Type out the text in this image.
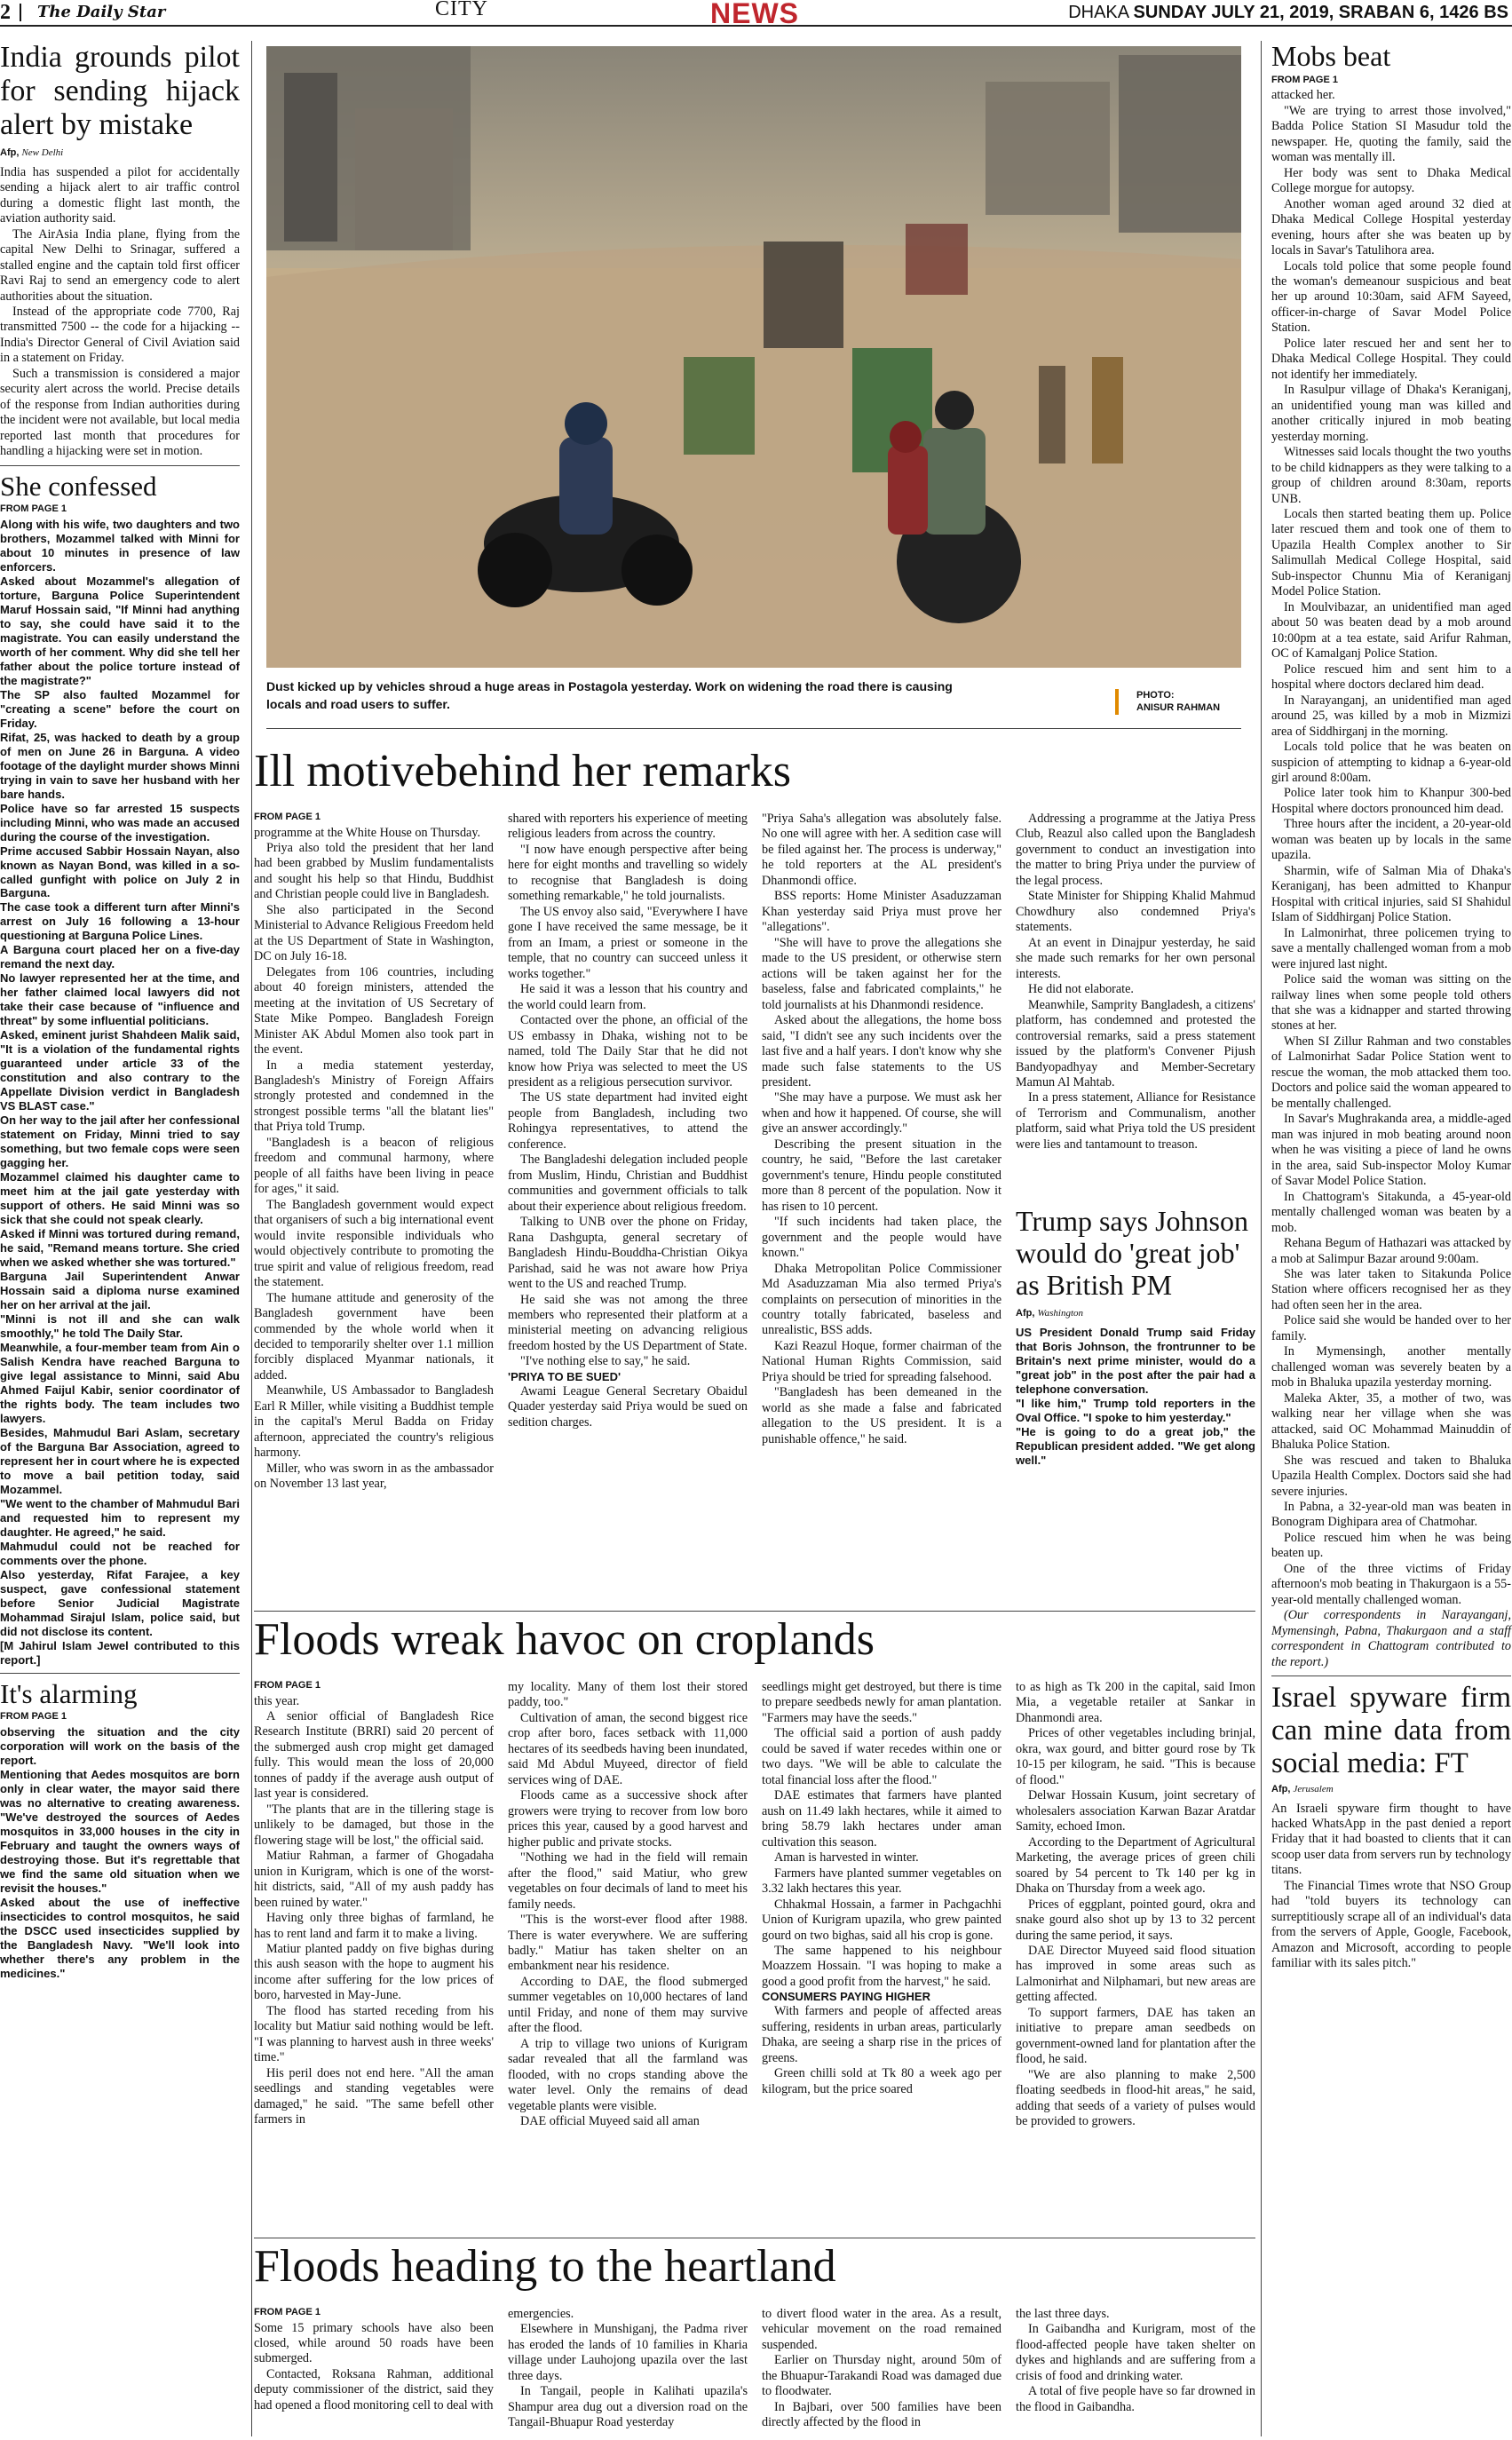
2 The Daily Star	CITY	NEWS	DHAKA SUNDAY JULY 21, 2019, SRABAN 6, 1426 BS
India grounds pilot for sending hijack alert by mistake
Afp, New Delhi

India has suspended a pilot for accidentally sending a hijack alert to air traffic control during a domestic flight last month, the aviation authority said.

The AirAsia India plane, flying from the capital New Delhi to Srinagar, suffered a stalled engine and the captain told first officer Ravi Raj to send an emergency code to alert authorities about the situation.

Instead of the appropriate code 7700, Raj transmitted 7500 -- the code for a hijacking -- India's Director General of Civil Aviation said in a statement on Friday.

Such a transmission is considered a major security alert across the world. Precise details of the response from Indian authorities during the incident were not available, but local media reported last month that procedures for handling a hijacking were set in motion.

She confessed
FROM PAGE 1

Along with his wife, two daughters and two brothers, Mozammel talked with Minni for about 10 minutes in presence of law enforcers.

Asked about Mozammel's allegation of torture, Barguna Police Superintendent Maruf Hossain said, "If Minni had anything to say, she could have said it to the magistrate. You can easily understand the worth of her comment. Why did she tell her father about the police torture instead of the magistrate?"

The SP also faulted Mozammel for "creating a scene" before the court on Friday.

Rifat, 25, was hacked to death by a group of men on June 26 in Barguna. A video footage of the daylight murder shows Minni trying in vain to save her husband with her bare hands.

Police have so far arrested 15 suspects including Minni, who was made an accused during the course of the investigation.

Prime accused Sabbir Hossain Nayan, also known as Nayan Bond, was killed in a so-called gunfight with police on July 2 in Barguna.

The case took a different turn after Minni's arrest on July 16 following a 13-hour questioning at Barguna Police Lines.

A Barguna court placed her on a five-day remand the next day.

No lawyer represented her at the time, and her father claimed local lawyers did not take their case because of "influence and threat" by some influential politicians.

Asked, eminent jurist Shahdeen Malik said, "It is a violation of the fundamental rights guaranteed under article 33 of the constitution and also contrary to the Appellate Division verdict in Bangladesh VS BLAST case."

On her way to the jail after her confessional statement on Friday, Minni tried to say something, but two female cops were seen gagging her.

Mozammel claimed his daughter came to meet him at the jail gate yesterday with support of others. He said Minni was so sick that she could not speak clearly.

Asked if Minni was tortured during remand, he said, "Remand means torture. She cried when we asked whether she was tortured."

Barguna Jail Superintendent Anwar Hossain said a diploma nurse examined her on her arrival at the jail.

"Minni is not ill and she can walk smoothly," he told The Daily Star.

Meanwhile, a four-member team from Ain o Salish Kendra have reached Barguna to give legal assistance to Minni, said Abu Ahmed Faijul Kabir, senior coordinator of the rights body. The team includes two lawyers.

Besides, Mahmudul Bari Aslam, secretary of the Barguna Bar Association, agreed to represent her in court where he is expected to move a bail petition today, said Mozammel.

"We went to the chamber of Mahmudul Bari and requested him to represent my daughter. He agreed," he said.

Mahmudul could not be reached for comments over the phone.

Also yesterday, Rifat Farajee, a key suspect, gave confessional statement before Senior Judicial Magistrate Mohammad Sirajul Islam, police said, but did not disclose its content.

[M Jahirul Islam Jewel contributed to this report.]

It's alarming
FROM PAGE 1

observing the situation and the city corporation will work on the basis of the report.

Mentioning that Aedes mosquitos are born only in clear water, the mayor said there was no alternative to creating awareness. "We've destroyed the sources of Aedes mosquitos in 33,000 houses in the city in February and taught the owners ways of destroying those. But it's regrettable that we find the same old situation when we revisit the houses."

Asked about the use of ineffective insecticides to control mosquitos, he said the DSCC used insecticides supplied by the Bangladesh Navy. "We'll look into whether there's any problem in the medicines."

Dust kicked up by vehicles shroud a huge areas in Postagola yesterday. Work on widening the road there is causing locals and road users to suffer.
PHOTO:
ANISUR RAHMAN
Ill motivebehind her remarks
FROM PAGE 1

programme at the White House on Thursday.

Priya also told the president that her land had been grabbed by Muslim fundamentalists and sought his help so that Hindu, Buddhist and Christian people could live in Bangladesh.

She also participated in the Second Ministerial to Advance Religious Freedom held at the US Department of State in Washington, DC on July 16-18.

Delegates from 106 countries, including about 40 foreign ministers, attended the meeting at the invitation of US Secretary of State Mike Pompeo. Bangladesh Foreign Minister AK Abdul Momen also took part in the event.

In a media statement yesterday, Bangladesh's Ministry of Foreign Affairs strongly protested and condemned in the strongest possible terms "all the blatant lies" that Priya told Trump.

"Bangladesh is a beacon of religious freedom and communal harmony, where people of all faiths have been living in peace for ages," it said.

The Bangladesh government would expect that organisers of such a big international event would invite responsible individuals who would objectively contribute to promoting the true spirit and value of religious freedom, read the statement.

The humane attitude and generosity of the Bangladesh government have been commended by the whole world when it decided to temporarily shelter over 1.1 million forcibly displaced Myanmar nationals, it added.

Meanwhile, US Ambassador to Bangladesh Earl R Miller, while visiting a Buddhist temple in the capital's Merul Badda on Friday afternoon, appreciated the country's religious harmony.

Miller, who was sworn in as the ambassador on November 13 last year,

shared with reporters his experience of meeting religious leaders from across the country.

"I now have enough perspective after being here for eight months and travelling so widely to recognise that Bangladesh is doing something remarkable," he told journalists.

The US envoy also said, "Everywhere I have gone I have received the same message, be it from an Imam, a priest or someone in the temple, that no country can succeed unless it works together."

He said it was a lesson that his country and the world could learn from.

Contacted over the phone, an official of the US embassy in Dhaka, wishing not to be named, told The Daily Star that he did not know how Priya was selected to meet the US president as a religious persecution survivor.

The US state department had invited eight people from Bangladesh, including two Rohingya representatives, to attend the conference.

The Bangladeshi delegation included people from Muslim, Hindu, Christian and Buddhist communities and government officials to talk about their experience about religious freedom.

Talking to UNB over the phone on Friday, Rana Dashgupta, general secretary of Bangladesh Hindu-Bouddha-Christian Oikya Parishad, said he was not aware how Priya went to the US and reached Trump.

He said she was not among the three members who represented their platform at a ministerial meeting on advancing religious freedom hosted by the US Department of State.

"I've nothing else to say," he said.

'PRIYA TO BE SUED'

Awami League General Secretary Obaidul Quader yesterday said Priya would be sued on sedition charges.

"Priya Saha's allegation was absolutely false. No one will agree with her. A sedition case will be filed against her. The process is underway," he told reporters at the AL president's Dhanmondi office.

BSS reports: Home Minister Asaduzzaman Khan yesterday said Priya must prove her "allegations".

"She will have to prove the allegations she made to the US president, or otherwise stern actions will be taken against her for the baseless, false and fabricated complaints," he told journalists at his Dhanmondi residence.

Asked about the allegations, the home boss said, "I didn't see any such incidents over the last five and a half years. I don't know why she made such false statements to the US president.

"She may have a purpose. We must ask her when and how it happened. Of course, she will give an answer accordingly."

Describing the present situation in the country, he said, "Before the last caretaker government's tenure, Hindu people constituted more than 8 percent of the population. Now it has risen to 10 percent.

"If such incidents had taken place, the government and the people would have known."

Dhaka Metropolitan Police Commissioner Md Asaduzzaman Mia also termed Priya's complaints on persecution of minorities in the country totally fabricated, baseless and unrealistic, BSS adds.

Kazi Reazul Hoque, former chairman of the National Human Rights Commission, said Priya should be tried for spreading falsehood.

"Bangladesh has been demeaned in the world as she made a false and fabricated allegation to the US president. It is a punishable offence," he said.

Addressing a programme at the Jatiya Press Club, Reazul also called upon the Bangladesh government to conduct an investigation into the matter to bring Priya under the purview of the legal process.

State Minister for Shipping Khalid Mahmud Chowdhury also condemned Priya's statements.

At an event in Dinajpur yesterday, he said she made such remarks for her own personal interests.

He did not elaborate.

Meanwhile, Samprity Bangladesh, a citizens' platform, has condemned and protested the controversial remarks, said a press statement issued by the platform's Convener Pijush Bandyopadhyay and Member-Secretary Mamun Al Mahtab.

In a press statement, Alliance for Resistance of Terrorism and Communalism, another platform, said what Priya told the US president were lies and tantamount to treason.

Trump says Johnson would do 'great job' as British PM
Afp, Washington

US President Donald Trump said Friday that Boris Johnson, the frontrunner to be Britain's next prime minister, would do a "great job" in the post after the pair had a telephone conversation.

"I like him," Trump told reporters in the Oval Office. "I spoke to him yesterday."

"He is going to do a great job," the Republican president added. "We get along well."

Floods wreak havoc on croplands
FROM PAGE 1

this year.

A senior official of Bangladesh Rice Research Institute (BRRI) said 20 percent of the submerged aush crop might get damaged fully. This would mean the loss of 20,000 tonnes of paddy if the average aush output of last year is considered.

"The plants that are in the tillering stage is unlikely to be damaged, but those in the flowering stage will be lost," the official said.

Matiur Rahman, a farmer of Ghogadaha union in Kurigram, which is one of the worst-hit districts, said, "All of my aush paddy has been ruined by water."

Having only three bighas of farmland, he has to rent land and farm it to make a living.

Matiur planted paddy on five bighas during this aush season with the hope to augment his income after suffering for the low prices of boro, harvested in May-June.

The flood has started receding from his locality but Matiur said nothing would be left. "I was planning to harvest aush in three weeks' time."

His peril does not end here. "All the aman seedlings and standing vegetables were damaged," he said. "The same befell other farmers in

my locality. Many of them lost their stored paddy, too."

Cultivation of aman, the second biggest rice crop after boro, faces setback with 11,000 hectares of its seedbeds having been inundated, said Md Abdul Muyeed, director of field services wing of DAE.

Floods came as a successive shock after growers were trying to recover from low boro prices this year, caused by a good harvest and higher public and private stocks.

"Nothing we had in the field will remain after the flood," said Matiur, who grew vegetables on four decimals of land to meet his family needs.

"This is the worst-ever flood after 1988. There is water everywhere. We are suffering badly." Matiur has taken shelter on an embankment near his residence.

According to DAE, the flood submerged summer vegetables on 10,000 hectares of land until Friday, and none of them may survive after the flood.

A trip to village two unions of Kurigram sadar revealed that all the farmland was flooded, with no crops standing above the water level. Only the remains of dead vegetable plants were visible.

DAE official Muyeed said all aman

seedlings might get destroyed, but there is time to prepare seedbeds newly for aman plantation. "Farmers may have the seeds."

The official said a portion of aush paddy could be saved if water recedes within one or two days. "We will be able to calculate the total financial loss after the flood."

DAE estimates that farmers have planted aush on 11.49 lakh hectares, while it aimed to bring 58.79 lakh hectares under aman cultivation this season.

Aman is harvested in winter.

Farmers have planted summer vegetables on 3.32 lakh hectares this year.

Chhakmal Hossain, a farmer in Pachgachhi Union of Kurigram upazila, who grew painted gourd on two bighas, said all his crop is gone.

The same happened to his neighbour Moazzem Hossain. "I was hoping to make a good a good profit from the harvest," he said.

CONSUMERS PAYING HIGHER

With farmers and people of affected areas suffering, residents in urban areas, particularly Dhaka, are seeing a sharp rise in the prices of greens.

Green chilli sold at Tk 80 a week ago per kilogram, but the price soared

to as high as Tk 200 in the capital, said Imon Mia, a vegetable retailer at Sankar in Dhanmondi area.

Prices of other vegetables including brinjal, okra, wax gourd, and bitter gourd rose by Tk 10-15 per kilogram, he said. "This is because of flood."

Delwar Hossain Kusum, joint secretary of wholesalers association Karwan Bazar Aratdar Samity, echoed Imon.

According to the Department of Agricultural Marketing, the average prices of green chili soared by 54 percent to Tk 140 per kg in Dhaka on Thursday from a week ago.

Prices of eggplant, pointed gourd, okra and snake gourd also shot up by 13 to 32 percent during the same period, it says.

DAE Director Muyeed said flood situation has improved in some areas such as Lalmonirhat and Nilphamari, but new areas are getting affected.

To support farmers, DAE has taken an initiative to prepare aman seedbeds on government-owned land for plantation after the flood, he said.

"We are also planning to make 2,500 floating seedbeds in flood-hit areas," he said, adding that seeds of a variety of pulses would be provided to growers.

Floods heading to the heartland
FROM PAGE 1

Some 15 primary schools have also been closed, while around 50 roads have been submerged.

Contacted, Roksana Rahman, additional deputy commissioner of the district, said they had opened a flood monitoring cell to deal with

emergencies.

Elsewhere in Munshiganj, the Padma river has eroded the lands of 10 families in Kharia village under Lauhojong upazila over the last three days.

In Tangail, people in Kalihati upazila's Shampur area dug out a diversion road on the Tangail-Bhuapur Road yesterday

to divert flood water in the area. As a result, vehicular movement on the road remained suspended.

Earlier on Thursday night, around 50m of the Bhuapur-Tarakandi Road was damaged due to floodwater.

In Bajbari, over 500 families have been directly affected by the flood in

the last three days.

In Gaibandha and Kurigram, most of the flood-affected people have taken shelter on dykes and highlands and are suffering from a crisis of food and drinking water.

A total of five people have so far drowned in the flood in Gaibandha.

Mobs beat
FROM PAGE 1

attacked her.

"We are trying to arrest those involved," Badda Police Station SI Masudur told the newspaper. He, quoting the family, said the woman was mentally ill.

Her body was sent to Dhaka Medical College morgue for autopsy.

Another woman aged around 32 died at Dhaka Medical College Hospital yesterday evening, hours after she was beaten up by locals in Savar's Tatulihora area.

Locals told police that some people found the woman's demeanour suspicious and beat her up around 10:30am, said AFM Sayeed, officer-in-charge of Savar Model Police Station.

Police later rescued her and sent her to Dhaka Medical College Hospital. They could not identify her immediately.

In Rasulpur village of Dhaka's Keraniganj, an unidentified young man was killed and another critically injured in mob beating yesterday morning.

Witnesses said locals thought the two youths to be child kidnappers as they were talking to a group of children around 8:30am, reports UNB.

Locals then started beating them up. Police later rescued them and took one of them to Upazila Health Complex another to Sir Salimullah Medical College Hospital, said Sub-inspector Chunnu Mia of Keraniganj Model Police Station.

In Moulvibazar, an unidentified man aged about 50 was beaten dead by a mob around 10:00pm at a tea estate, said Arifur Rahman, OC of Kamalganj Police Station.

Police rescued him and sent him to a hospital where doctors declared him dead.

In Narayanganj, an unidentified man aged around 25, was killed by a mob in Mizmizi area of Siddhirganj in the morning.

Locals told police that he was beaten on suspicion of attempting to kidnap a 6-year-old girl around 8:00am.

Police later took him to Khanpur 300-bed Hospital where doctors pronounced him dead.

Three hours after the incident, a 20-year-old woman was beaten up by locals in the same upazila.

Sharmin, wife of Salman Mia of Dhaka's Keraniganj, has been admitted to Khanpur Hospital with critical injuries, said SI Shahidul Islam of Siddhirganj Police Station.

In Lalmonirhat, three policemen trying to save a mentally challenged woman from a mob were injured last night.

Police said the woman was sitting on the railway lines when some people told others that she was a kidnapper and started throwing stones at her.

When SI Zillur Rahman and two constables of Lalmonirhat Sadar Police Station went to rescue the woman, the mob attacked them too. Doctors and police said the woman appeared to be mentally challenged.

In Savar's Mughrakanda area, a middle-aged man was injured in mob beating around noon when he was visiting a piece of land he owns in the area, said Sub-inspector Moloy Kumar of Savar Model Police Station.

In Chattogram's Sitakunda, a 45-year-old mentally challenged woman was beaten by a mob.

Rehana Begum of Hathazari was attacked by a mob at Salimpur Bazar around 9:00am.

She was later taken to Sitakunda Police Station where officers recognised her as they had often seen her in the area.

Police said she would be handed over to her family.

In Mymensingh, another mentally challenged woman was severely beaten by a mob in Bhaluka upazila yesterday morning.

Maleka Akter, 35, a mother of two, was walking near her village when she was attacked, said OC Mohammad Mainuddin of Bhaluka Police Station.

She was rescued and taken to Bhaluka Upazila Health Complex. Doctors said she had severe injuries.

In Pabna, a 32-year-old man was beaten in Bonogram Dighipara area of Chatmohar.

Police rescued him when he was being beaten up.

One of the three victims of Friday afternoon's mob beating in Thakurgaon is a 55-year-old mentally challenged woman.

(Our correspondents in Narayanganj, Mymensingh, Pabna, Thakurgaon and a staff correspondent in Chattogram contributed to the report.)

Israel spyware firm can mine data from social media: FT
Afp, Jerusalem

An Israeli spyware firm thought to have hacked WhatsApp in the past denied a report Friday that it had boasted to clients that it can scoop user data from servers run by technology titans.

The Financial Times wrote that NSO Group had "told buyers its technology can surreptitiously scrape all of an individual's data from the servers of Apple, Google, Facebook, Amazon and Microsoft, according to people familiar with its sales pitch."
